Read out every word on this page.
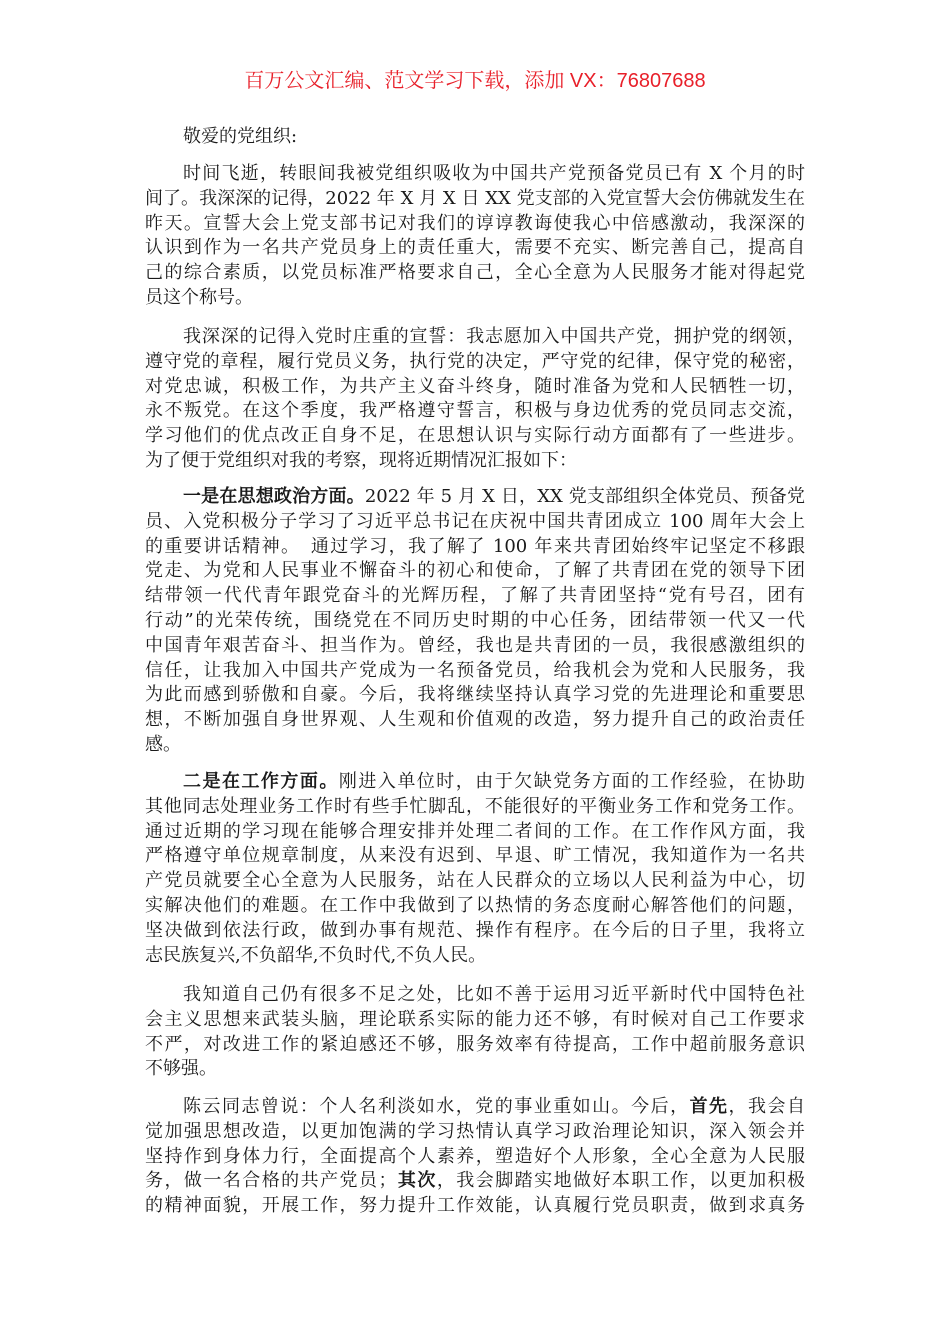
百万公文汇编、范文学习下载，添加 VX：76807688
敬爱的党组织:
时间飞逝，转眼间我被党组织吸收为中国共产党预备党员已有 X 个月的时
间了。我深深的记得，2022 年 X 月 X 日 XX 党支部的入党宣誓大会仿佛就发生在
昨天。宣誓大会上党支部书记对我们的谆谆教诲使我心中倍感激动，我深深的
认识到作为一名共产党员身上的责任重大，需要不充实、断完善自己，提高自
己的综合素质，以党员标准严格要求自己，全心全意为人民服务才能对得起党
员这个称号。
我深深的记得入党时庄重的宣誓：我志愿加入中国共产党，拥护党的纲领，
遵守党的章程，履行党员义务，执行党的决定，严守党的纪律，保守党的秘密，
对党忠诚，积极工作，为共产主义奋斗终身，随时准备为党和人民牺牲一切，
永不叛党。在这个季度，我严格遵守誓言，积极与身边优秀的党员同志交流，
学习他们的优点改正自身不足，在思想认识与实际行动方面都有了一些进步。
为了便于党组织对我的考察，现将近期情况汇报如下：
一是在思想政治方面。2022 年 5 月 X 日，XX 党支部组织全体党员、预备党
员、入党积极分子学习了习近平总书记在庆祝中国共青团成立 100 周年大会上
的重要讲话精神。　通过学习，我了解了 100 年来共青团始终牢记坚定不移跟
党走、为党和人民事业不懈奋斗的初心和使命，了解了共青团在党的领导下团
结带领一代代青年跟党奋斗的光辉历程，了解了共青团坚持“党有号召，团有
行动”的光荣传统，围绕党在不同历史时期的中心任务，团结带领一代又一代
中国青年艰苦奋斗、担当作为。曾经，我也是共青团的一员，我很感激组织的
信任，让我加入中国共产党成为一名预备党员，给我机会为党和人民服务，我
为此而感到骄傲和自豪。今后，我将继续坚持认真学习党的先进理论和重要思
想，不断加强自身世界观、人生观和价值观的改造，努力提升自己的政治责任
感。
二是在工作方面。刚进入单位时，由于欠缺党务方面的工作经验，在协助
其他同志处理业务工作时有些手忙脚乱，不能很好的平衡业务工作和党务工作。
通过近期的学习现在能够合理安排并处理二者间的工作。在工作作风方面，我
严格遵守单位规章制度，从来没有迟到、早退、旷工情况，我知道作为一名共
产党员就要全心全意为人民服务，站在人民群众的立场以人民利益为中心，切
实解决他们的难题。在工作中我做到了以热情的务态度耐心解答他们的问题，
坚决做到依法行政，做到办事有规范、操作有程序。在今后的日子里，我将立
志民族复兴,不负韶华,不负时代,不负人民。
我知道自己仍有很多不足之处，比如不善于运用习近平新时代中国特色社
会主义思想来武装头脑，理论联系实际的能力还不够，有时候对自己工作要求
不严，对改进工作的紧迫感还不够，服务效率有待提高，工作中超前服务意识
不够强。
陈云同志曾说：个人名利淡如水，党的事业重如山。今后，首先，我会自
觉加强思想改造，以更加饱满的学习热情认真学习政治理论知识，深入领会并
坚持作到身体力行，全面提高个人素养，塑造好个人形象，全心全意为人民服
务，做一名合格的共产党员；其次，我会脚踏实地做好本职工作，以更加积极
的精神面貌，开展工作，努力提升工作效能，认真履行党员职责，做到求真务
